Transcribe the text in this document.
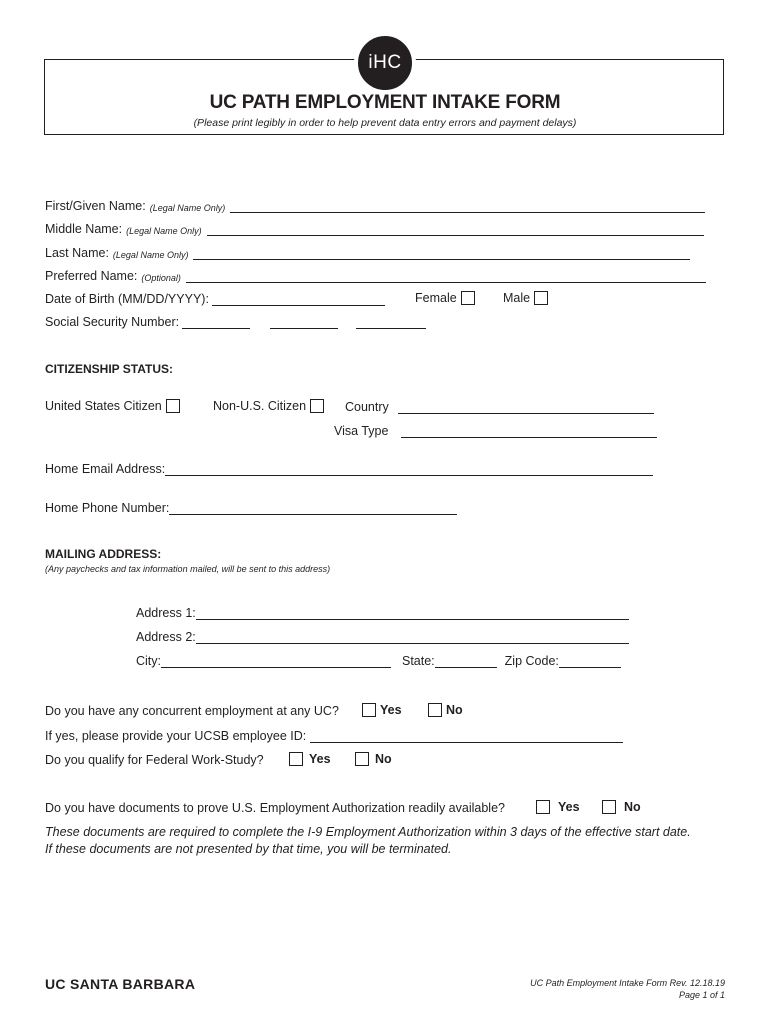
iHC
UC PATH EMPLOYMENT INTAKE FORM
(Please print legibly in order to help prevent data entry errors and payment delays)
First/Given Name: (Legal Name Only)
Middle Name: (Legal Name Only)
Last Name: (Legal Name Only)
Preferred Name: (Optional)
Date of Birth (MM/DD/YYYY):	Female	Male
Social Security Number:
CITIZENSHIP STATUS:
United States Citizen	Non-U.S. Citizen	Country
Visa Type
Home Email Address:
Home Phone Number:
MAILING ADDRESS:
(Any paychecks and tax information mailed, will be sent to this address)
Address 1:
Address 2:
City:	State:	Zip Code:
Do you have any concurrent employment at any UC?	Yes	No
If yes, please provide your UCSB employee ID:
Do you qualify for Federal Work-Study?	Yes	No
Do you have documents to prove U.S. Employment Authorization readily available?	Yes	No
These documents are required to complete the I-9 Employment Authorization within 3 days of the effective start date.
If these documents are not presented by that time, you will be terminated.
UC SANTA BARBARA	UC Path Employment Intake Form Rev. 12.18.19
Page 1 of 1
